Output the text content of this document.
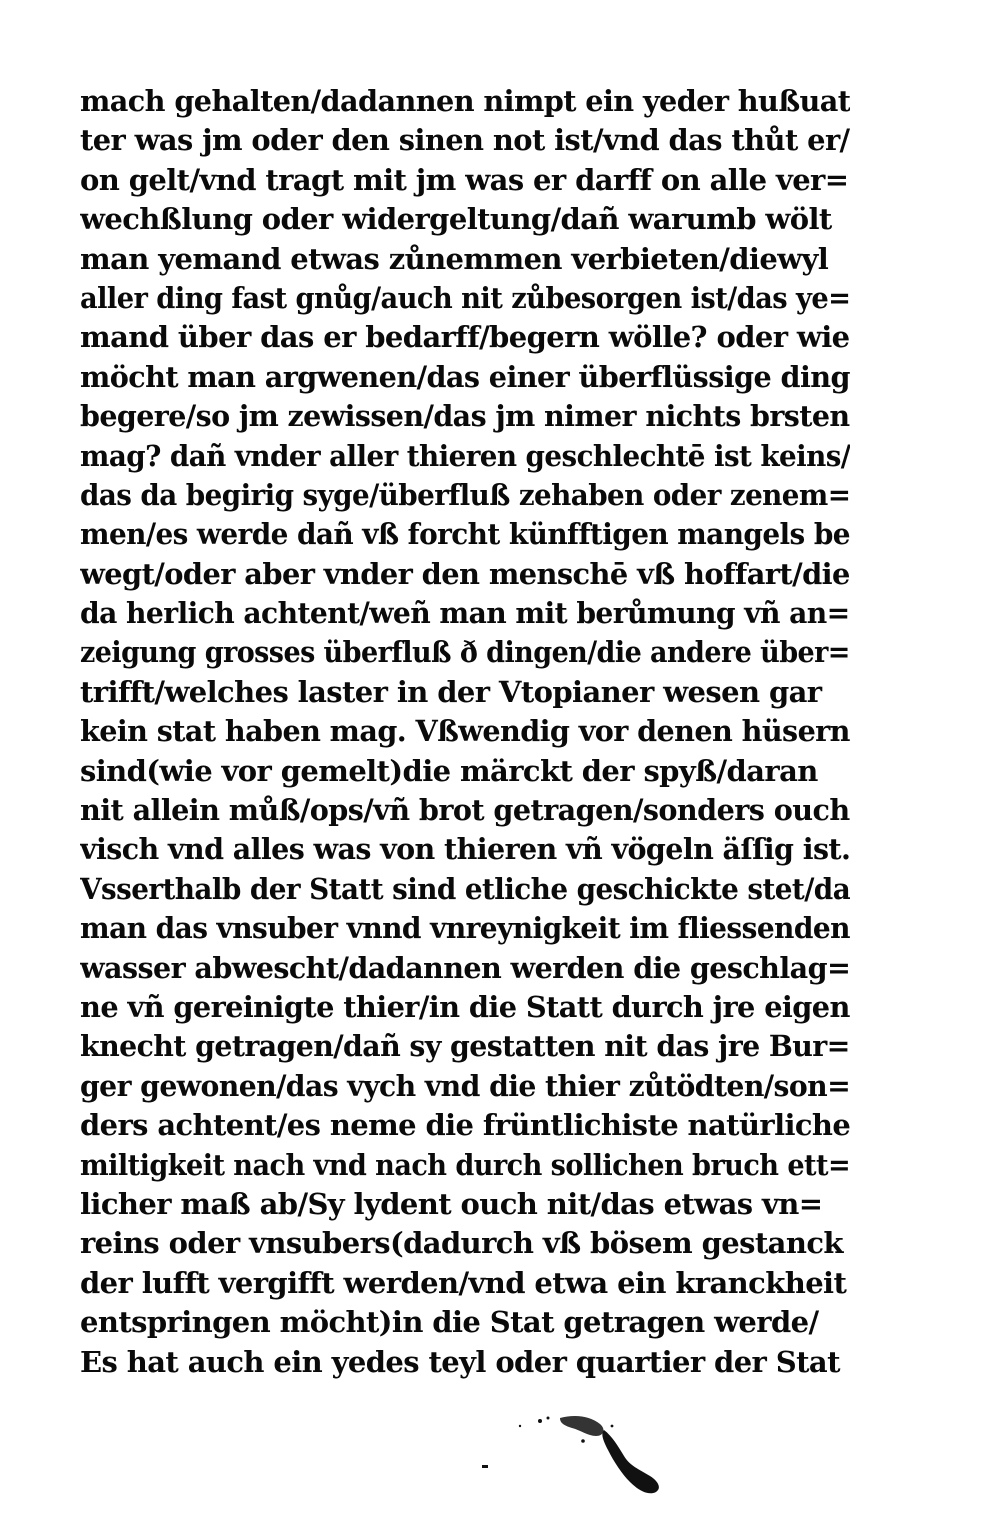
mach gehalten/dadannen nimpt ein yeder hußuat
ter was jm oder den sinen not ist/vnd das thůt er/
on gelt/vnd tragt mit jm was er darff on alle ver=
wechßlung oder widergeltung/dañ warumb wölt
man yemand etwas zůnemmen verbieten/diewyl
aller ding fast gnůg/auch nit zůbesorgen ist/das ye=
mand über das er bedarff/begern wölle? oder wie
möcht man argwenen/das einer überflüssige ding
begere/so jm zewissen/das jm nimer nichts brsten
mag? dañ vnder aller thieren geschlechtē ist keins/
das da begirig syge/überfluß zehaben oder zenem=
men/es werde dañ vß forcht künfftigen mangels be
wegt/oder aber vnder den menschē vß hoffart/die
da herlich achtent/weñ man mit berůmung vñ an=
zeigung grosses überfluß ð dingen/die andere über=
trifft/welches laster in der Vtopianer wesen gar
kein stat haben mag. Vßwendig vor denen hüsern
sind(wie vor gemelt)die märckt der spyß/daran
nit allein můß/ops/vñ brot getragen/sonders ouch
visch vnd alles was von thieren vñ vögeln äſſig ist.
Vsserthalb der Statt sind etliche geschickte stet/da
man das vnsuber vnnd vnreynigkeit im fliessenden
wasser abwescht/dadannen werden die geschlag=
ne vñ gereinigte thier/in die Statt durch jre eigen
knecht getragen/dañ sy gestatten nit das jre Bur=
ger gewonen/das vych vnd die thier zůtödten/son=
ders achtent/es neme die früntlichiste natürliche
miltigkeit nach vnd nach durch sollichen bruch ett=
licher maß ab/Sy lydent ouch nit/das etwas vn=
reins oder vnsubers(dadurch vß bösem gestanck
der lufft vergifft werden/vnd etwa ein kranckheit
entspringen möcht)in die Stat getragen werde/
Es hat auch ein yedes teyl oder quartier der Stat
